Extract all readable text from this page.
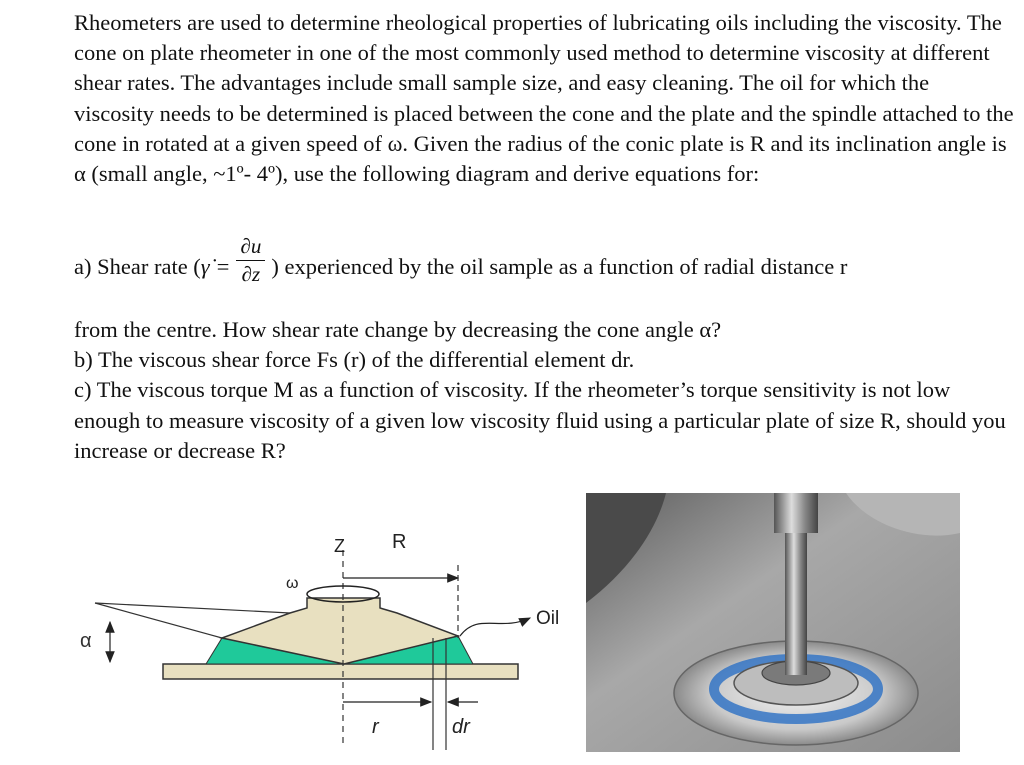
Rheometers are used to determine rheological properties of lubricating oils including the viscosity. The cone on plate rheometer in one of the most commonly used method to determine viscosity at different shear rates. The advantages include small sample size, and easy cleaning. The oil for which the viscosity needs to be determined is placed between the cone and the plate and the spindle attached to the cone in rotated at a given speed of ω. Given the radius of the conic plate is R and its inclination angle is α (small angle, ~1º- 4º), use the following diagram and derive equations for:

a) Shear rate (γ̇ = $\frac{\partial u}{\partial z}$ ) experienced by the oil sample as a function of radial distance r

from the centre. How shear rate change by decreasing the cone angle α?

b) The viscous shear force Fs (r) of the differential element dr.

c) The viscous torque M as a function of viscosity. If the rheometer’s torque sensitivity is not low enough to measure viscosity of a given low viscosity fluid using a particular plate of size R, should you increase or decrease R?

α
Z
ω
R
Oil
r	dr
